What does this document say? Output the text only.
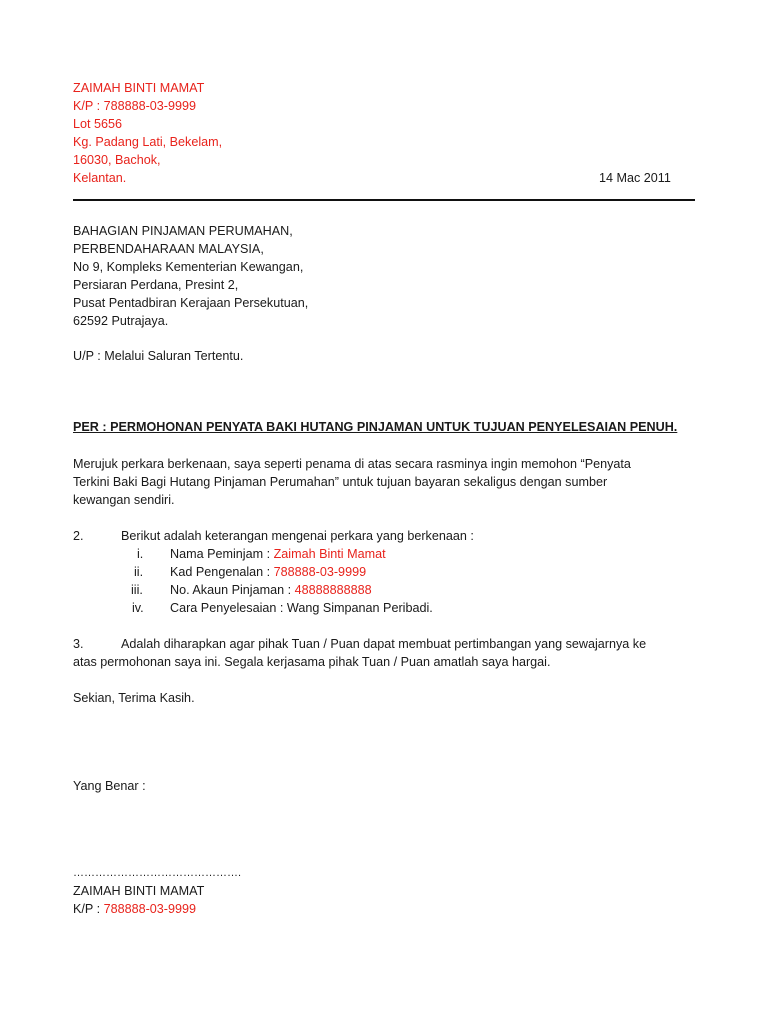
ZAIMAH BINTI MAMAT
K/P : 788888-03-9999
Lot 5656
Kg. Padang Lati, Bekelam,
16030, Bachok,
Kelantan.	14 Mac 2011
BAHAGIAN PINJAMAN PERUMAHAN,
PERBENDAHARAAN MALAYSIA,
No 9, Kompleks Kementerian Kewangan,
Persiaran Perdana, Presint 2,
Pusat Pentadbiran Kerajaan Persekutuan,
62592 Putrajaya.
U/P : Melalui Saluran Tertentu.
PER : PERMOHONAN PENYATA BAKI HUTANG PINJAMAN UNTUK TUJUAN PENYELESAIAN PENUH.
Merujuk perkara berkenaan, saya seperti penama di atas secara rasminya ingin memohon “Penyata
Terkini Baki Bagi Hutang Pinjaman Perumahan” untuk tujuan bayaran sekaligus dengan sumber
kewangan sendiri.
2.	Berikut adalah keterangan mengenai perkara yang berkenaan :
i. Nama Peminjam : Zaimah Binti Mamat
ii. Kad Pengenalan : 788888-03-9999
iii. No. Akaun Pinjaman : 48888888888
iv. Cara Penyelesaian : Wang Simpanan Peribadi.
3.	Adalah diharapkan agar pihak Tuan / Puan dapat membuat pertimbangan yang sewajarnya ke
atas permohonan saya ini. Segala kerjasama pihak Tuan / Puan amatlah saya hargai.
Sekian, Terima Kasih.
Yang Benar :
……………………………………….
ZAIMAH BINTI MAMAT
K/P : 788888-03-9999
